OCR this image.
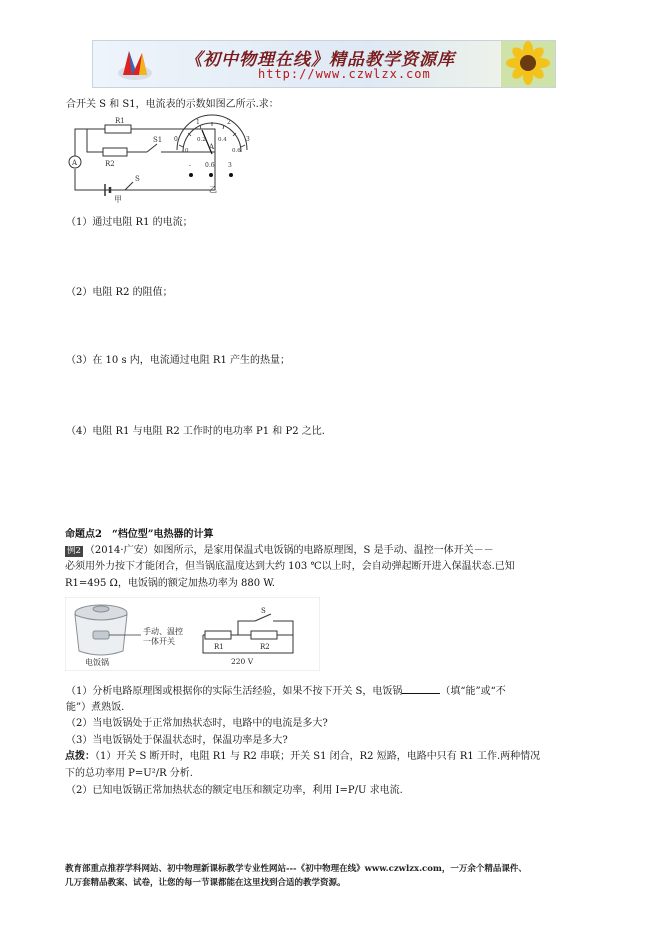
《初中物理在线》精品教学资源库
http://www.czwlzx.com
合开关 S 和 S1，电流表的示数如图乙所示.求：
R1
R2
S1
S
A
甲
0
1	2
3
0
0.2 0.4
0.6
A
- 0.6 3
乙
（1）通过电阻 R1 的电流；
（2）电阻 R2 的阻值；
（3）在 10 s 内，电流通过电阻 R1 产生的热量；
（4）电阻 R1 与电阻 R2 工作时的电功率 P1 和 P2 之比.
命题点2　“档位型”电热器的计算
例2 （2014·广安）如图所示，是家用保温式电饭锅的电路原理图，S 是手动、温控一体开关－－
必须用外力按下才能闭合，但当锅底温度达到大约 103 ℃以上时，会自动弹起断开进入保温状态.已知
R1=495 Ω，电饭锅的额定加热功率为 880 W.
手动、温控
一体开关
电饭锅
S
R1	R2
220 V
（1）分析电路原理图或根据你的实际生活经验，如果不按下开关 S，电饭锅	（填“能”或“不
能”）煮熟饭.
（2）当电饭锅处于正常加热状态时，电路中的电流是多大?
（3）当电饭锅处于保温状态时，保温功率是多大?
点拨：（1）开关 S 断开时，电阻 R1 与 R2 串联；开关 S1 闭合，R2 短路，电路中只有 R1 工作.两种情况
下的总功率用 P=U²/R 分析.
（2）已知电饭锅正常加热状态的额定电压和额定功率，利用 I=P/U 求电流.
教育部重点推荐学科网站、初中物理新课标教学专业性网站---《初中物理在线》www.czwlzx.com，一万余个精品课件、
几万套精品教案、试卷，让您的每一节课都能在这里找到合适的教学资源。
